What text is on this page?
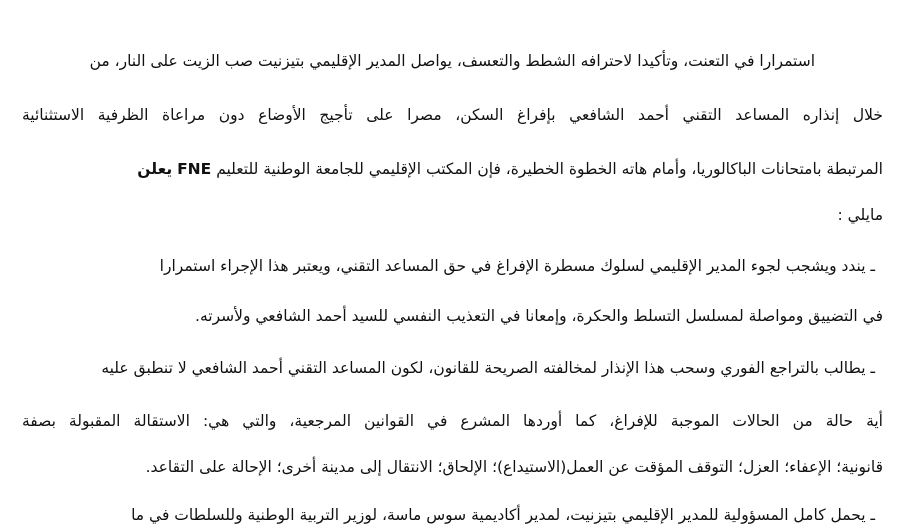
استمرارا في التعنت، وتأكيدا لاحترافه الشطط والتعسف، يواصل المدير الإقليمي بتيزنيت صب الزيت على النار، من
خلال إنذاره المساعد التقني أحمد الشافعي بإفراغ السكن، مصرا على تأجيج الأوضاع دون مراعاة الظرفية الاستثنائية
المرتبطة بامتحانات الباكالوريا، وأمام هاته الخطوة الخطيرة، فإن المكتب الإقليمي للجامعة الوطنية للتعليم FNE يعلن
مايلي :
ـ يندد ويشجب لجوء المدير الإقليمي لسلوك مسطرة الإفراغ في حق المساعد التقني، ويعتبر هذا الإجراء استمرارا
في التضييق ومواصلة لمسلسل التسلط والحكرة، وإمعانا في التعذيب النفسي للسيد أحمد الشافعي ولأسرته.
ـ يطالب بالتراجع الفوري وسحب هذا الإنذار لمخالفته الصريحة للقانون، لكون المساعد التقني أحمد الشافعي لا تنطبق عليه
أية حالة من الحالات الموجبة للإفراغ، كما أوردها المشرع في القوانين المرجعية، والتي هي: الاستقالة المقبولة بصفة
قانونية؛ الإعفاء؛ العزل؛ التوقف المؤقت عن العمل(الاستيداع)؛ الإلحاق؛ الانتقال إلى مدينة أخرى؛ الإحالة على التقاعد.
ـ يحمل كامل المسؤولية للمدير الإقليمي بتيزنيت، لمدير أكاديمية سوس ماسة، لوزير التربية الوطنية وللسلطات في ما
